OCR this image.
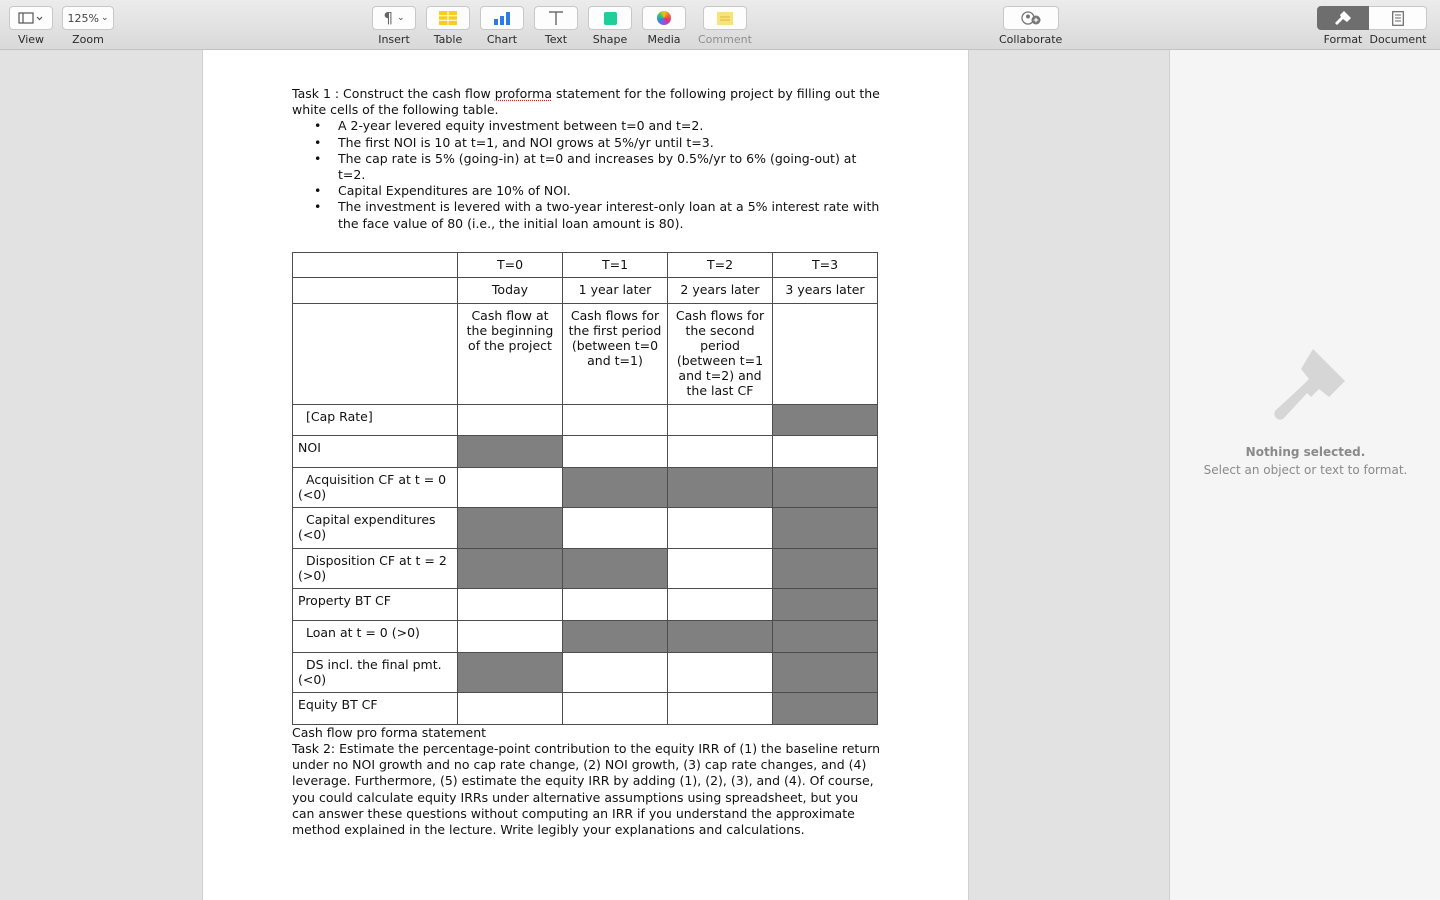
View
125% ⌄
Zoom
¶ ⌄
Insert Table Chart	Text Shape Media Comment	Collaborate	Format Document

Task 1 : Construct the cash flow proforma statement for the following project by filling out the white cells of the following table.

• A 2-year levered equity investment between t=0 and t=2.
• The first NOI is 10 at t=1, and NOI grows at 5%/yr until t=3.
• The cap rate is 5% (going-in) at t=0 and increases by 0.5%/yr to 6% (going-out) at t=2.
• Capital Expenditures are 10% of NOI.
• The investment is levered with a two-year interest-only loan at a 5% interest rate with the face value of 80 (i.e., the initial loan amount is 80).
	T=0	T=1	T=2	T=3
	Today	1 year later	2 years later	3 years later
	Cash flow at the beginning of the project	Cash flows for the first period (between t=0 and t=1)	Cash flows for the second period (between t=1 and t=2) and the last CF	
[Cap Rate]				
NOI				
Acquisition CF at t = 0 (<0)				
Capital expenditures (<0)				
Disposition CF at t = 2 (>0)				
Property BT CF				
Loan at t = 0 (>0)				
DS incl. the final pmt. (<0)				
Equity BT CF				

Cash flow pro forma statement

Task 2: Estimate the percentage-point contribution to the equity IRR of (1) the baseline return under no NOI growth and no cap rate change, (2) NOI growth, (3) cap rate changes, and (4) leverage. Furthermore, (5) estimate the equity IRR by adding (1), (2), (3), and (4). Of course, you could calculate equity IRRs under alternative assumptions using spreadsheet, but you can answer these questions without computing an IRR if you understand the approximate method explained in the lecture. Write legibly your explanations and calculations.

Nothing selected.
Select an object or text to format.
